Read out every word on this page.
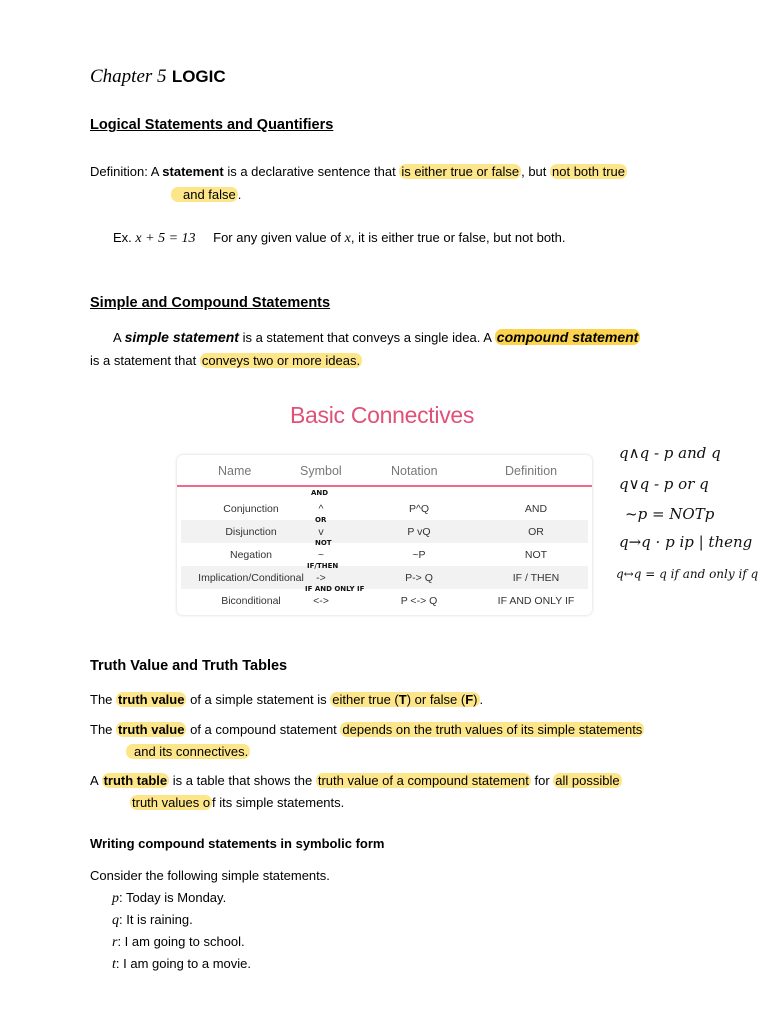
Chapter 5 LOGIC
Logical Statements and Quantifiers
Definition: A statement is a declarative sentence that is either true or false , but not both true
and false .
Ex. x + 5 = 13 For any given value of x, it is either true or false, but not both.
Simple and Compound Statements
A simple statement is a statement that conveys a single idea. A compound statement
is a statement that conveys two or more ideas.
Basic Connectives
Name	Symbol	Notation	Definition
Conjunction	^	P^Q	AND
AND
Disjunction	v	P vQ	OR
OR
Negation	~	~P	NOT
NOT
Implication/Conditional	->	P-> Q	IF / THEN
IF/THEN
Biconditional	<->	P <-> Q	IF AND ONLY IF
IF AND ONLY IF
q∧q - p and q
q∨q - p or q
~p = NOTp
q→q · p ip | theng
q↔q = q if and only if q
Truth Value and Truth Tables
The truth value of a simple statement is either true (T) or false (F) .
The truth value of a compound statement depends on the truth values of its simple statements
and its connectives.
A truth table is a table that shows the truth value of a compound statement for all possible
truth values o f its simple statements.
Writing compound statements in symbolic form
Consider the following simple statements.
p: Today is Monday.
q: It is raining.
r: I am going to school.
t: I am going to a movie.
